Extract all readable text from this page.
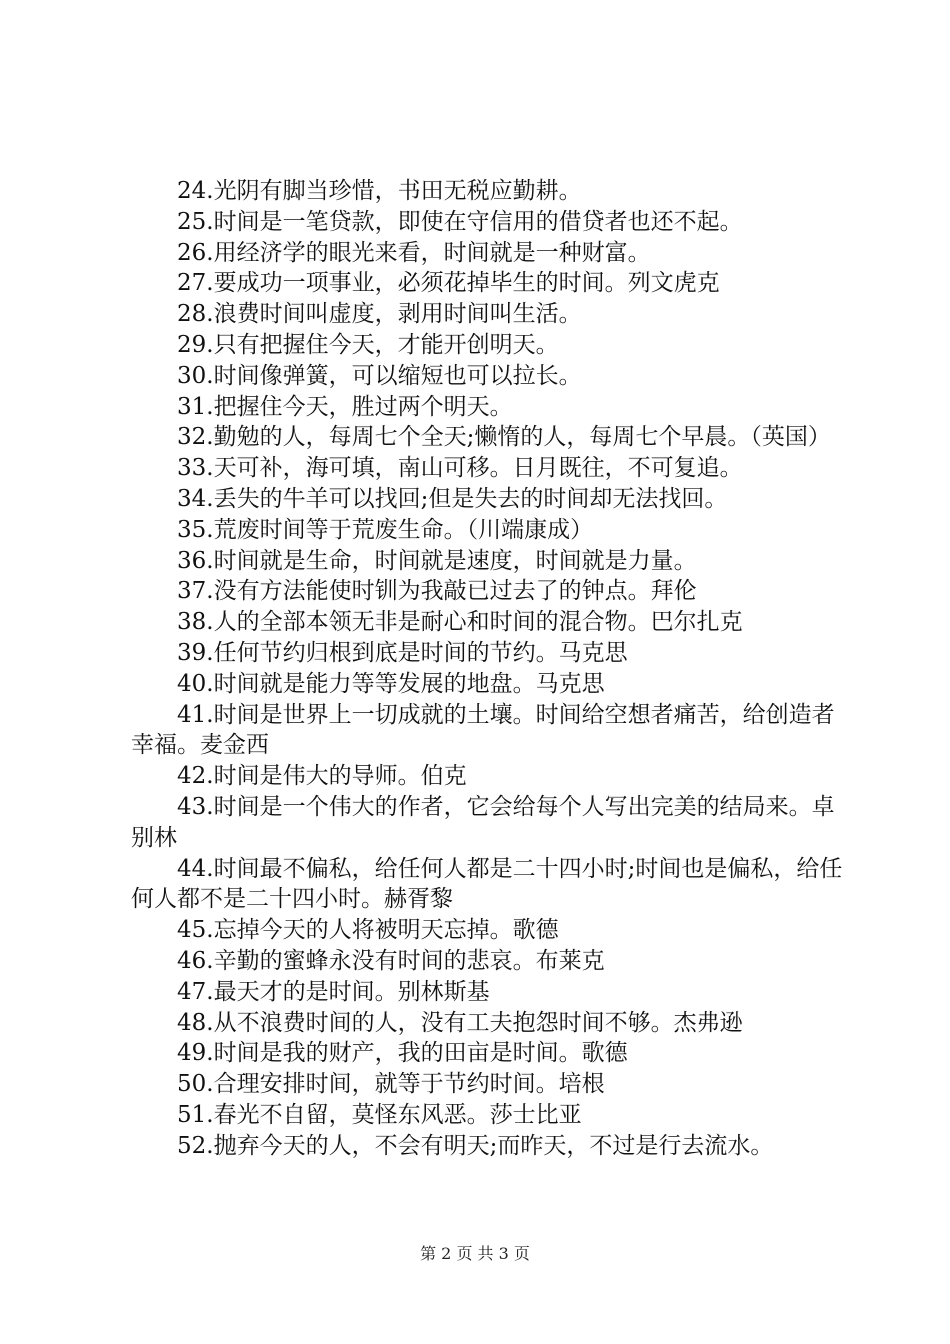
24.光阴有脚当珍惜，书田无税应勤耕。

25.时间是一笔贷款，即使在守信用的借贷者也还不起。

26.用经济学的眼光来看，时间就是一种财富。

27.要成功一项事业，必须花掉毕生的时间。列文虎克

28.浪费时间叫虚度，剥用时间叫生活。

29.只有把握住今天，才能开创明天。

30.时间像弹簧，可以缩短也可以拉长。

31.把握住今天，胜过两个明天。

32.勤勉的人，每周七个全天;懒惰的人，每周七个早晨。（英国）

33.天可补，海可填，南山可移。日月既往，不可复追。

34.丢失的牛羊可以找回;但是失去的时间却无法找回。

35.荒废时间等于荒废生命。（川端康成）

36.时间就是生命，时间就是速度，时间就是力量。

37.没有方法能使时钏为我敲已过去了的钟点。拜伦

38.人的全部本领无非是耐心和时间的混合物。巴尔扎克

39.任何节约归根到底是时间的节约。马克思

40.时间就是能力等等发展的地盘。马克思

41.时间是世界上一切成就的土壤。时间给空想者痛苦，给创造者幸福。麦金西

42.时间是伟大的导师。伯克

43.时间是一个伟大的作者，它会给每个人写出完美的结局来。卓别林

44.时间最不偏私，给任何人都是二十四小时;时间也是偏私，给任何人都不是二十四小时。赫胥黎

45.忘掉今天的人将被明天忘掉。歌德

46.辛勤的蜜蜂永没有时间的悲哀。布莱克

47.最天才的是时间。别林斯基

48.从不浪费时间的人，没有工夫抱怨时间不够。杰弗逊

49.时间是我的财产，我的田亩是时间。歌德

50.合理安排时间，就等于节约时间。培根

51.春光不自留，莫怪东风恶。莎士比亚

52.抛弃今天的人，不会有明天;而昨天，不过是行去流水。

第 2 页 共 3 页
